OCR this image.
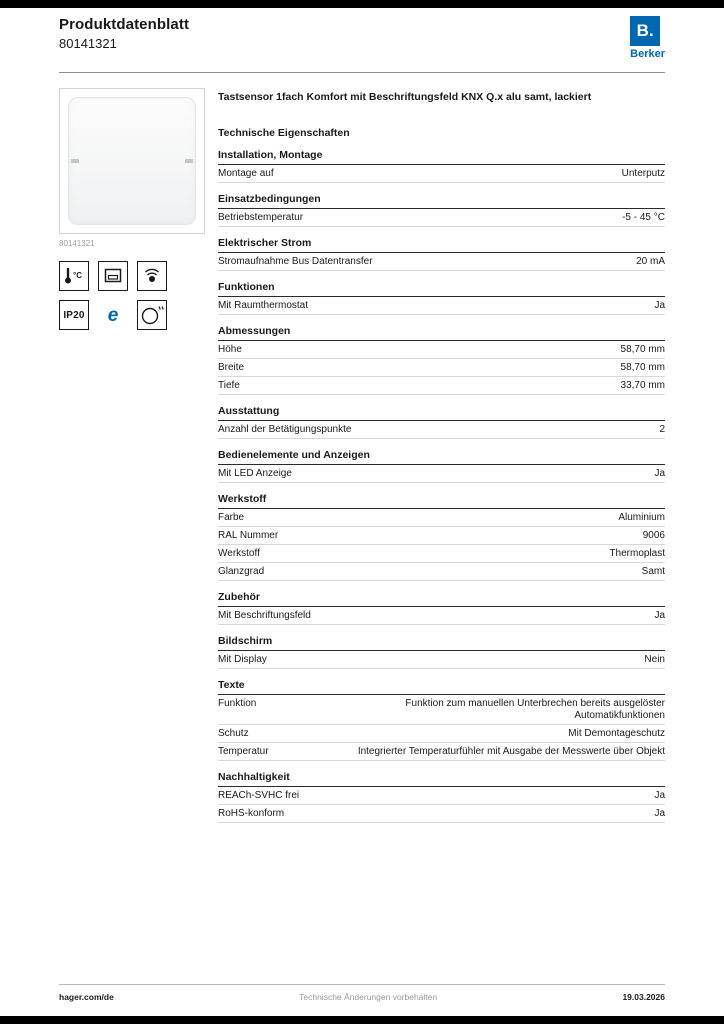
Produktdatenblatt
80141321
B.
Berker
80141321
°C
IP20 e
Tastsensor 1fach Komfort mit Beschriftungsfeld KNX Q.x alu samt, lackiert
Technische Eigenschaften
Installation, Montage
Montage auf	Unterputz
Einsatzbedingungen
Betriebstemperatur	-5 - 45 °C
Elektrischer Strom
Stromaufnahme Bus Datentransfer	20 mA
Funktionen
Mit Raumthermostat	Ja
Abmessungen
Höhe	58,70 mm
Breite	58,70 mm
Tiefe	33,70 mm
Ausstattung
Anzahl der Betätigungspunkte	2
Bedienelemente und Anzeigen
Mit LED Anzeige	Ja
Werkstoff
Farbe	Aluminium
RAL Nummer	9006
Werkstoff	Thermoplast
Glanzgrad	Samt
Zubehör
Mit Beschriftungsfeld	Ja
Bildschirm
Mit Display	Nein
Texte
Funktion	Funktion zum manuellen Unterbrechen bereits ausgelöster Automatikfunktionen
Schutz	Mit Demontageschutz
Temperatur	Integrierter Temperaturfühler mit Ausgabe der Messwerte über Objekt
Nachhaltigkeit
REACh-SVHC frei	Ja
RoHS-konform	Ja
hager.com/de	Technische Änderungen vorbehalten	19.03.2026
